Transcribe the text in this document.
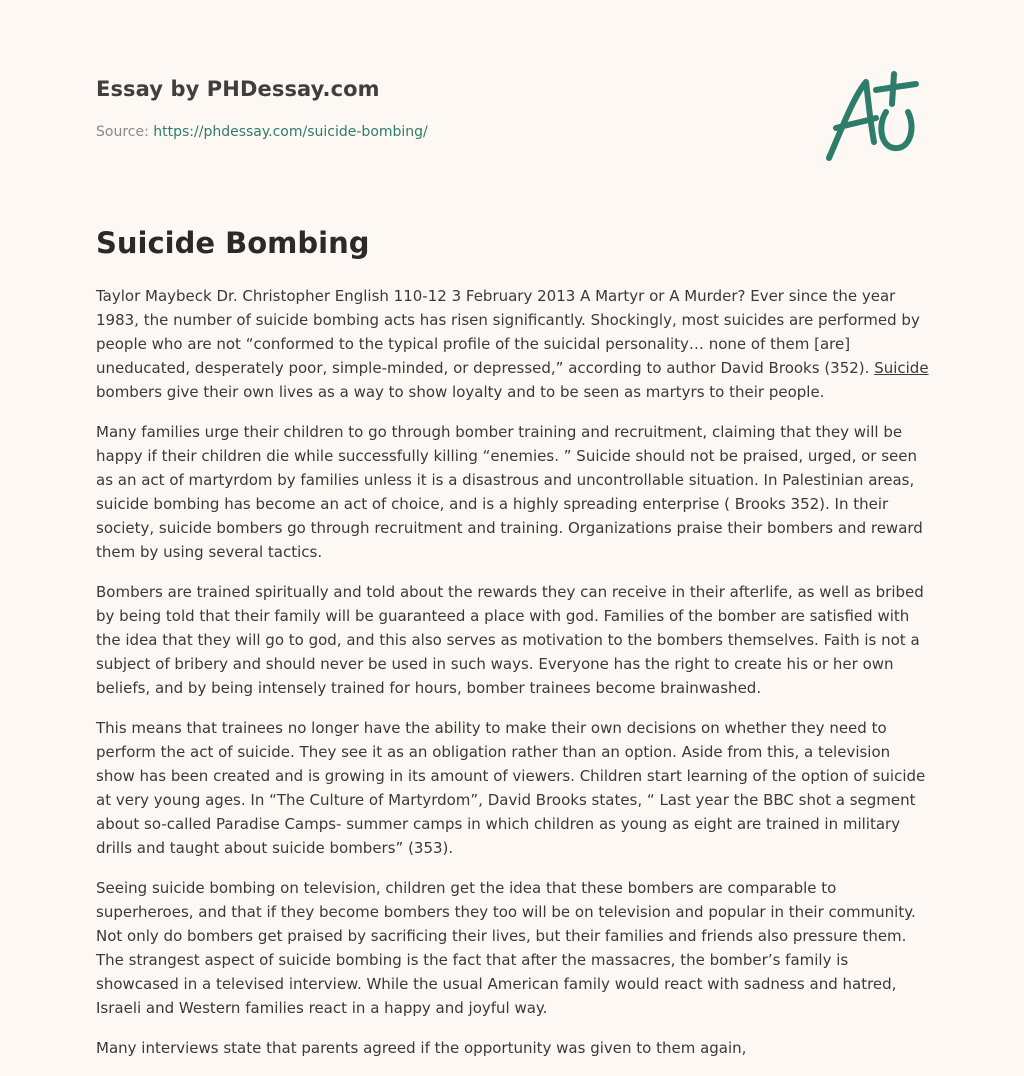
Essay by PHDessay.com
Source: https://phdessay.com/suicide-bombing/
Suicide Bombing

Taylor Maybeck Dr. Christopher English 110-12 3 February 2013 A Martyr or A Murder? Ever since the year 1983, the number of suicide bombing acts has risen significantly. Shockingly, most suicides are performed by people who are not “conformed to the typical profile of the suicidal personality… none of them [are] uneducated, desperately poor, simple-minded, or depressed,” according to author David Brooks (352). Suicide bombers give their own lives as a way to show loyalty and to be seen as martyrs to their people.

Many families urge their children to go through bomber training and recruitment, claiming that they will be happy if their children die while successfully killing “enemies. ” Suicide should not be praised, urged, or seen as an act of martyrdom by families unless it is a disastrous and uncontrollable situation. In Palestinian areas, suicide bombing has become an act of choice, and is a highly spreading enterprise ( Brooks 352). In their society, suicide bombers go through recruitment and training. Organizations praise their bombers and reward them by using several tactics.

Bombers are trained spiritually and told about the rewards they can receive in their afterlife, as well as bribed by being told that their family will be guaranteed a place with god. Families of the bomber are satisfied with the idea that they will go to god, and this also serves as motivation to the bombers themselves. Faith is not a subject of bribery and should never be used in such ways. Everyone has the right to create his or her own beliefs, and by being intensely trained for hours, bomber trainees become brainwashed.

This means that trainees no longer have the ability to make their own decisions on whether they need to perform the act of suicide. They see it as an obligation rather than an option. Aside from this, a television show has been created and is growing in its amount of viewers. Children start learning of the option of suicide at very young ages. In “The Culture of Martyrdom”, David Brooks states, “ Last year the BBC shot a segment about so-called Paradise Camps- summer camps in which children as young as eight are trained in military drills and taught about suicide bombers” (353).

Seeing suicide bombing on television, children get the idea that these bombers are comparable to superheroes, and that if they become bombers they too will be on television and popular in their community. Not only do bombers get praised by sacrificing their lives, but their families and friends also pressure them. The strangest aspect of suicide bombing is the fact that after the massacres, the bomber’s family is showcased in a televised interview. While the usual American family would react with sadness and hatred, Israeli and Western families react in a happy and joyful way.

Many interviews state that parents agreed if the opportunity was given to them again,
